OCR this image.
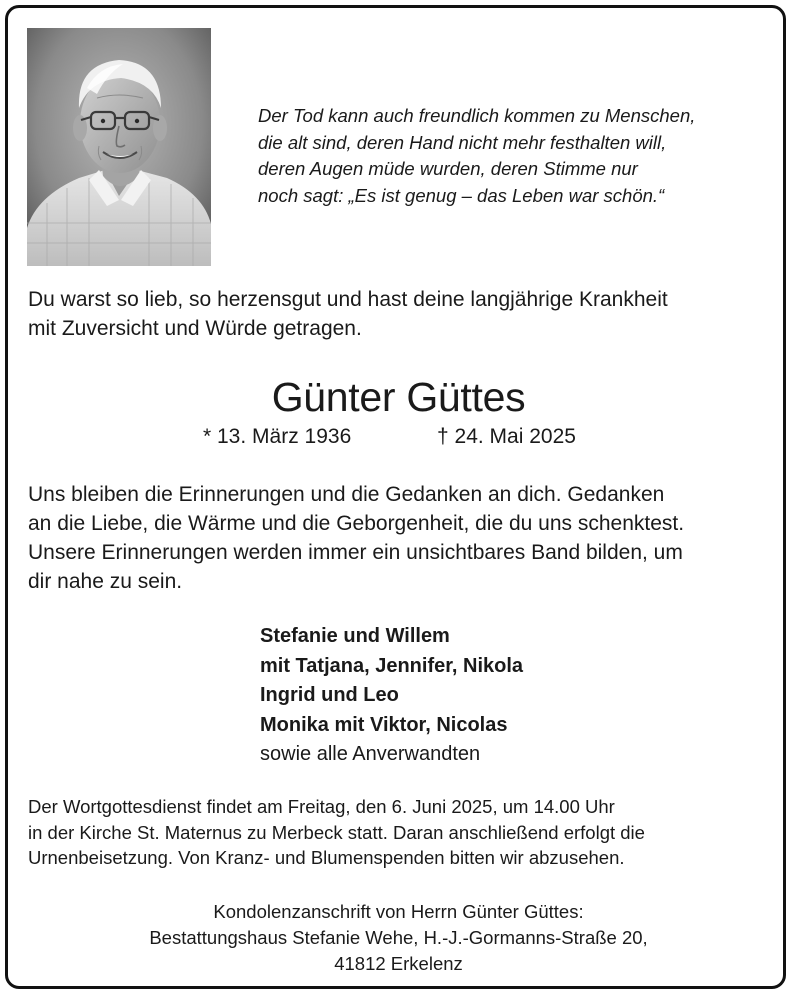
Der Tod kann auch freundlich kommen zu Menschen,
die alt sind, deren Hand nicht mehr festhalten will,
deren Augen müde wurden, deren Stimme nur
noch sagt: „Es ist genug – das Leben war schön.“
Du warst so lieb, so herzensgut und hast deine langjährige Krankheit
mit Zuversicht und Würde getragen.
Günter Güttes
* 13. März 1936	† 24. Mai 2025
Uns bleiben die Erinnerungen und die Gedanken an dich. Gedanken
an die Liebe, die Wärme und die Geborgenheit, die du uns schenktest.
Unsere Erinnerungen werden immer ein unsichtbares Band bilden, um
dir nahe zu sein.
Stefanie und Willem
mit Tatjana, Jennifer, Nikola
Ingrid und Leo
Monika mit Viktor, Nicolas
sowie alle Anverwandten
Der Wortgottesdienst findet am Freitag, den 6. Juni 2025, um 14.00 Uhr
in der Kirche St. Maternus zu Merbeck statt. Daran anschließend erfolgt die
Urnenbeisetzung. Von Kranz- und Blumenspenden bitten wir abzusehen.
Kondolenzanschrift von Herrn Günter Güttes:
Bestattungshaus Stefanie Wehe, H.-J.-Gormanns-Straße 20,
41812 Erkelenz
